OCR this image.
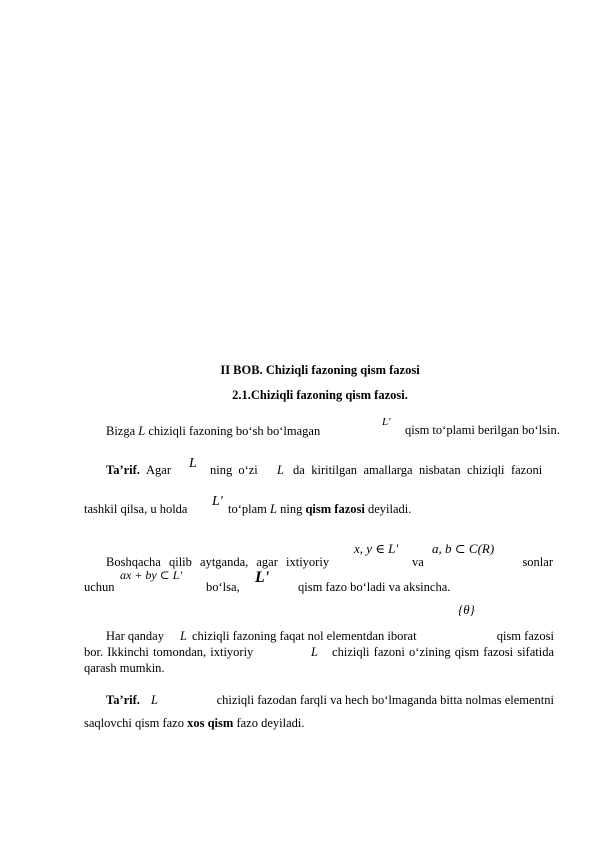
II BOB. Chiziqli fazoning qism fazosi
2.1.Chiziqli fazoning qism fazosi.
Bizga L chiziqli fazoning bo‘sh bo‘lmagan
L'
qism to‘plami berilgan bo‘lsin.
Ta’rif. Agar	ning o‘zi L da kiritilgan amallarga nisbatan chiziqli fazoni
L
tashkil qilsa, u holda L' to‘plam L ning qism fazosi deyiladi.
Boshqacha qilib aytganda, agar ixtiyoriy	va	sonlar
x, y ∈ L'	a, b ⊂ C(R)
uchun	bo‘lsa,	qism fazo bo‘ladi va aksincha.
ax + by ⊂ L'	L'
{θ}
Har qanday L chiziqli fazoning faqat nol elementdan iborat	qism fazosi
bor. Ikkinchi tomondan, ixtiyoriy	L chiziqli fazoni o‘zining qism fazosi sifatida
qarash mumkin.
Ta’rif. L	chiziqli fazodan farqli va hech bo‘lmaganda bitta nolmas elementni
saqlovchi qism fazo xos qism fazo deyiladi.
